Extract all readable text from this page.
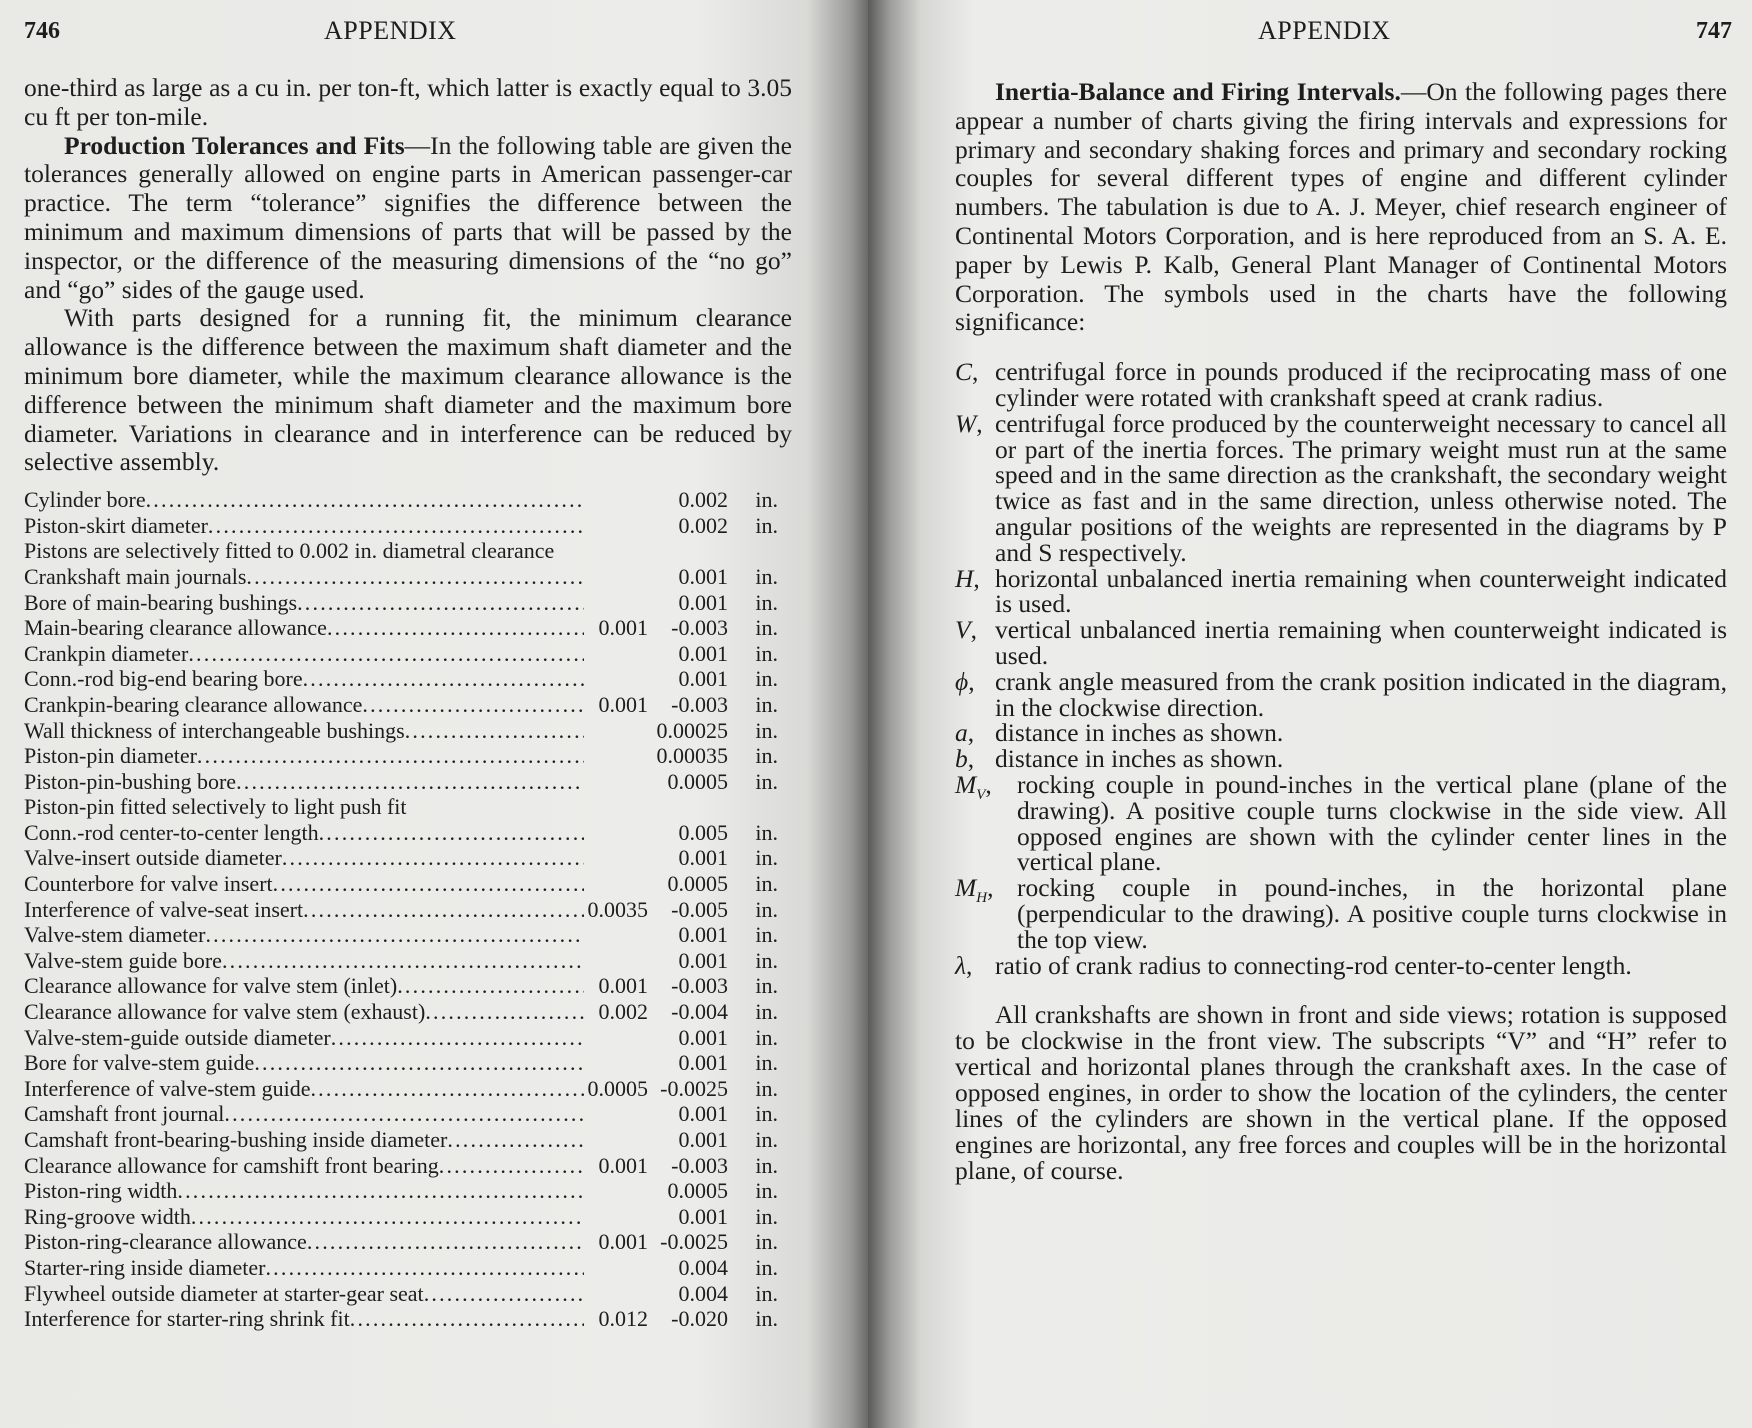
746	APPENDIX

one-third as large as a cu in. per ton-ft, which latter is exactly equal to 3.05 cu ft per ton-mile.

Production Tolerances and Fits—In the following table are given the tolerances generally allowed on engine parts in American passenger-car practice. The term “tolerance” signifies the difference between the minimum and maximum dimensions of parts that will be passed by the inspector, or the difference of the measuring dimensions of the “no go” and “go” sides of the gauge used.

With parts designed for a running fit, the minimum clearance allowance is the difference between the maximum shaft diameter and the minimum bore diameter, while the maximum clearance allowance is the difference between the minimum shaft diameter and the maximum bore diameter. Variations in clearance and in interference can be reduced by selective assembly.

Cylinder bore .....	0.002	in.
Piston-skirt diameter .....	0.002	in.
Pistons are selectively fitted to 0.002 in. diametral clearance
Crankshaft main journals .....	0.001	in.
Bore of main-bearing bushings .....	0.001	in.
Main-bearing clearance allowance .....	0.001	-0.003	in.
Crankpin diameter .....	0.001	in.
Conn.-rod big-end bearing bore .....	0.001	in.
Crankpin-bearing clearance allowance .....	0.001	-0.003	in.
Wall thickness of interchangeable bushings .....	0.00025	in.
Piston-pin diameter .....	0.00035	in.
Piston-pin-bushing bore .....	0.0005	in.
Piston-pin fitted selectively to light push fit
Conn.-rod center-to-center length .....	0.005	in.
Valve-insert outside diameter .....	0.001	in.
Counterbore for valve insert .....	0.0005	in.
Interference of valve-seat insert .....	0.0035	-0.005	in.
Valve-stem diameter .....	0.001	in.
Valve-stem guide bore .....	0.001	in.
Clearance allowance for valve stem (inlet) .....	0.001	-0.003	in.
Clearance allowance for valve stem (exhaust) .....	0.002	-0.004	in.
Valve-stem-guide outside diameter .....	0.001	in.
Bore for valve-stem guide .....	0.001	in.
Interference of valve-stem guide .....	0.0005 -0.0025	in.
Camshaft front journal .....	0.001	in.
Camshaft front-bearing-bushing inside diameter .....	0.001	in.
Clearance allowance for camshift front bearing .....	0.001	-0.003	in.
Piston-ring width .....	0.0005	in.
Ring-groove width .....	0.001	in.
Piston-ring-clearance allowance .....	0.001 -0.0025	in.
Starter-ring inside diameter .....	0.004	in.
Flywheel outside diameter at starter-gear seat .....	0.004	in.
Interference for starter-ring shrink fit .....	0.012	-0.020	in.
APPENDIX	747

Inertia-Balance and Firing Intervals.—On the following pages there appear a number of charts giving the firing intervals and expressions for primary and secondary shaking forces and primary and secondary rocking couples for several different types of engine and different cylinder numbers. The tabulation is due to A. J. Meyer, chief research engineer of Continental Motors Corporation, and is here reproduced from an S. A. E. paper by Lewis P. Kalb, General Plant Manager of Continental Motors Corporation. The symbols used in the charts have the following significance:

C, centrifugal force in pounds produced if the reciprocating mass of one cylinder were rotated with crankshaft speed at crank radius.
W, centrifugal force produced by the counterweight necessary to cancel all or part of the inertia forces. The primary weight must run at the same speed and in the same direction as the crankshaft, the secondary weight twice as fast and in the same direction, unless otherwise noted. The angular positions of the weights are represented in the diagrams by P and S respectively.
H, horizontal unbalanced inertia remaining when counterweight indicated is used.
V, vertical unbalanced inertia remaining when counterweight indicated is used.
ϕ, crank angle measured from the crank position indicated in the diagram, in the clockwise direction.
a, distance in inches as shown.
b, distance in inches as shown.
$M_V$, rocking couple in pound-inches in the vertical plane (plane of the drawing). A positive couple turns clockwise in the side view. All opposed engines are shown with the cylinder center lines in the vertical plane.
$M_H$, rocking couple in pound-inches, in the horizontal plane (perpendicular to the drawing). A positive couple turns clockwise in the top view.
λ, ratio of crank radius to connecting-rod center-to-center length.

All crankshafts are shown in front and side views; rotation is supposed to be clockwise in the front view. The subscripts “V” and “H” refer to vertical and horizontal planes through the crankshaft axes. In the case of opposed engines, in order to show the location of the cylinders, the center lines of the cylinders are shown in the vertical plane. If the opposed engines are horizontal, any free forces and couples will be in the horizontal plane, of course.
